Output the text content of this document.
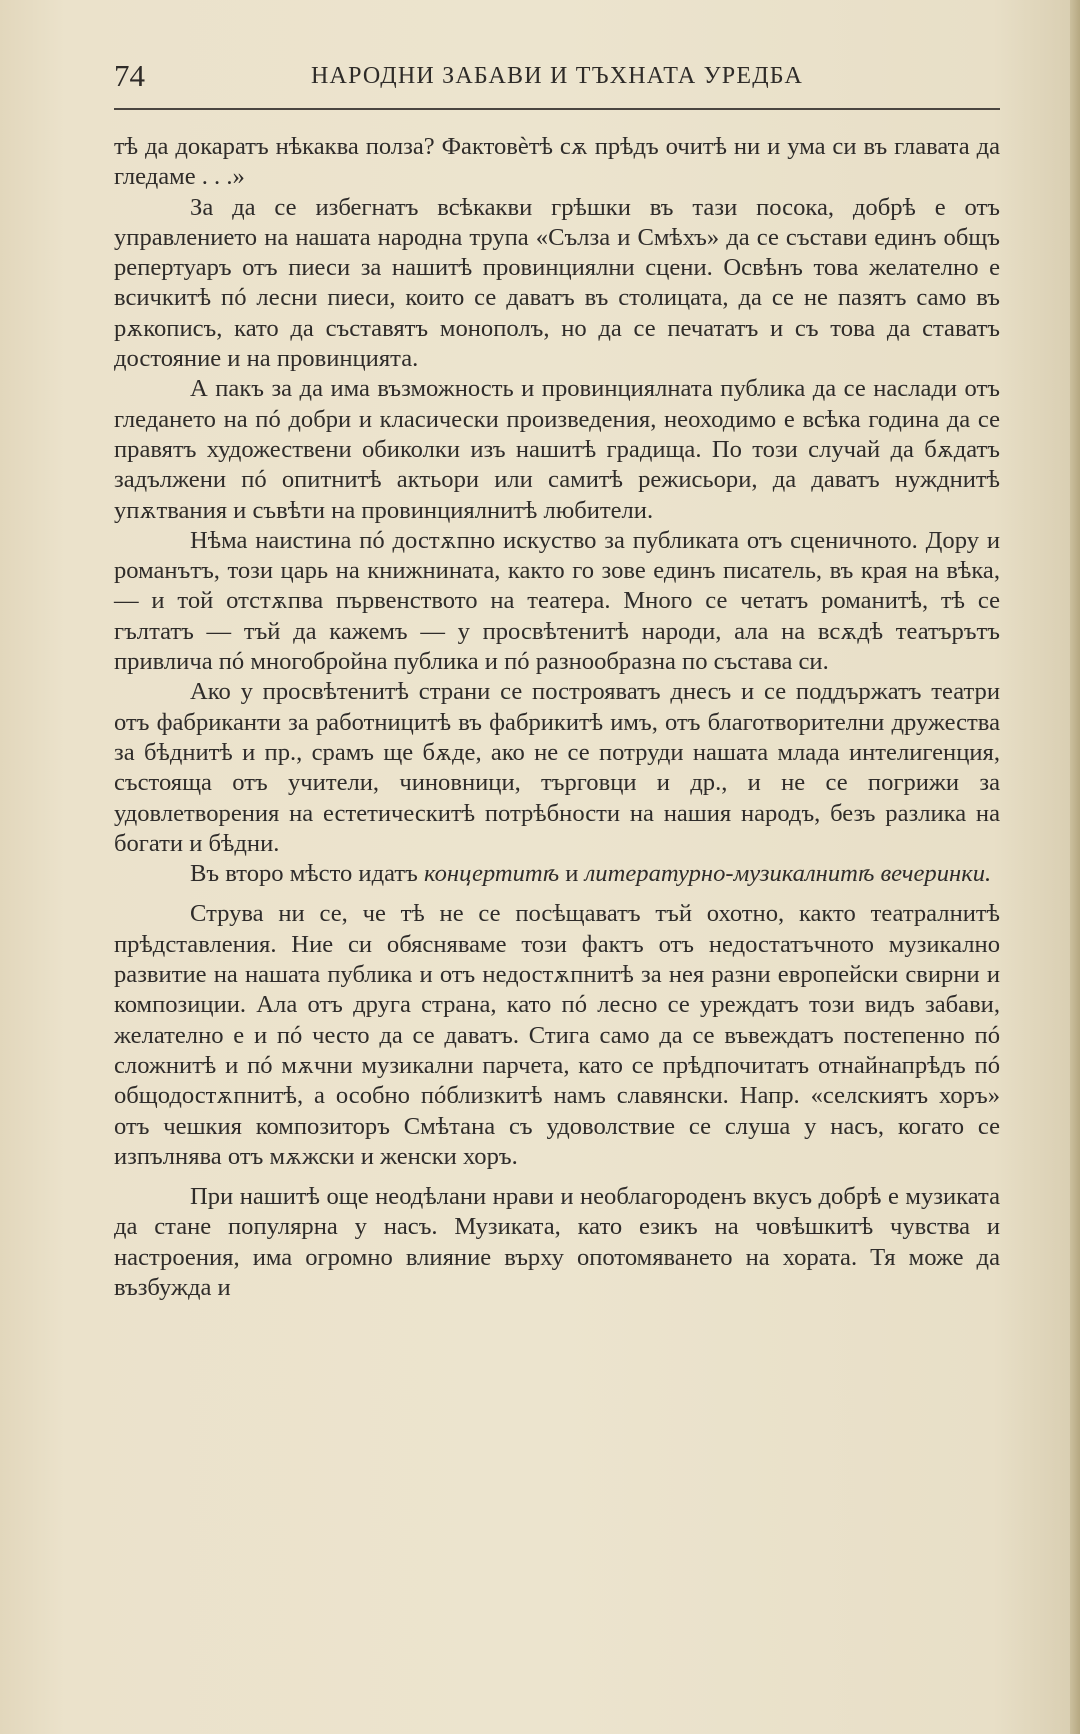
74	НАРОДНИ ЗАБАВИ И ТЪХНАТА УРЕДБА

тѣ да докаратъ нѣкаква полза? Фактовѐтѣ сѫ прѣдъ очитѣ ни и ума си въ главата да гледаме . . .»

За да се избегнатъ всѣкакви грѣшки въ тази посока, добрѣ е отъ управлението на нашата народна трупа «Сълза и Смѣхъ» да се състави единъ общъ репертуаръ отъ пиеси за нашитѣ провинциялни сцени. Освѣнъ това желателно е всичкитѣ пó лесни пиеси, които се даватъ въ столицата, да се не пазятъ само въ рѫкописъ, като да съставятъ монополъ, но да се печататъ и съ това да ставатъ достояние и на провинцията.

А пакъ за да има възможность и провинциялната публика да се наслади отъ гледането на пó добри и класически произведения, неоходимо е всѣка година да се правятъ художествени обиколки изъ нашитѣ градища. По този случай да бѫдатъ задължени пó опитнитѣ актьори или самитѣ режисьори, да даватъ нужднитѣ упѫтвания и съвѣти на провинциялнитѣ любители.

Нѣма наистина пó достѫпно искуство за публиката отъ сценичното. Дору и романътъ, този царь на книжнината, както го зове единъ писатель, въ края на вѣка, — и той отстѫпва първенството на театера. Много се четатъ романитѣ, тѣ се гълтатъ — тъй да кажемъ — у просвѣтенитѣ народи, ала на всѫдѣ театърътъ привлича пó многобройна публика и пó разнообразна по състава си.

Ако у просвѣтенитѣ страни се построяватъ днесъ и се поддържатъ театри отъ фабриканти за работницитѣ въ фабрикитѣ имъ, отъ благотворителни дружества за бѣднитѣ и пр., срамъ ще бѫде, ако не се потруди нашата млада интелигенция, състояща отъ учители, чиновници, търговци и др., и не се погрижи за удовлетворения на естетическитѣ потрѣбности на нашия народъ, безъ разлика на богати и бѣдни.

Въ второ мѣсто идатъ концертитѣ и литературно-музикалнитѣ вечеринки.

Струва ни се, че тѣ не се посѣщаватъ тъй охотно, както театралнитѣ прѣдставления. Ние си обясняваме този фактъ отъ недостатъчното музикално развитие на нашата публика и отъ недостѫпнитѣ за нея разни европейски свирни и композиции. Ала отъ друга страна, като пó лесно се уреждатъ този видъ забави, желателно е и пó често да се даватъ. Стига само да се въвеждатъ постепенно пó сложнитѣ и пó мѫчни музикални парчета, като се прѣдпочитатъ отнайнапрѣдъ пó общодостѫпнитѣ, а особно пóблизкитѣ намъ славянски. Напр. «селскиятъ хоръ» отъ чешкия композиторъ Смѣтана съ удоволствие се слуша у насъ, когато се изпълнява отъ мѫжски и женски хоръ.

При нашитѣ още неодѣлани нрави и необлагороденъ вкусъ добрѣ е музиката да стане популярна у насъ. Музиката, като езикъ на човѣшкитѣ чувства и настроения, има огромно влияние върху опотомяването на хората. Тя може да възбужда и
